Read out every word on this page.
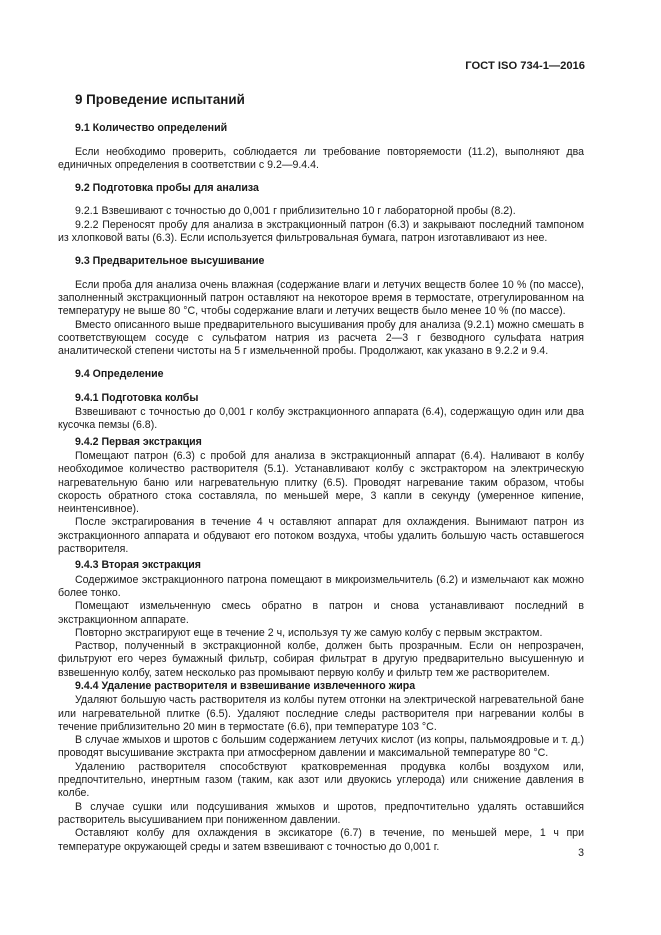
ГОСТ ISO 734-1—2016
9 Проведение испытаний
9.1 Количество определений

Если необходимо проверить, соблюдается ли требование повторяемости (11.2), выполняют два единичных определения в соответствии с 9.2—9.4.4.

9.2 Подготовка пробы для анализа

9.2.1 Взвешивают с точностью до 0,001 г приблизительно 10 г лабораторной пробы (8.2).

9.2.2 Переносят пробу для анализа в экстракционный патрон (6.3) и закрывают последний тампоном из хлопковой ваты (6.3). Если используется фильтровальная бумага, патрон изготавливают из нее.

9.3 Предварительное высушивание

Если проба для анализа очень влажная (содержание влаги и летучих веществ более 10 % (по массе), заполненный экстракционный патрон оставляют на некоторое время в термостате, отрегулированном на температуру не выше 80 °С, чтобы содержание влаги и летучих веществ было менее 10 % (по массе).

Вместо описанного выше предварительного высушивания пробу для анализа (9.2.1) можно смешать в соответствующем сосуде с сульфатом натрия из расчета 2—3 г безводного сульфата натрия аналитической степени чистоты на 5 г измельченной пробы. Продолжают, как указано в 9.2.2 и 9.4.

9.4 Определение
9.4.1 Подготовка колбы

Взвешивают с точностью до 0,001 г колбу экстракционного аппарата (6.4), содержащую один или два кусочка пемзы (6.8).

9.4.2 Первая экстракция

Помещают патрон (6.3) с пробой для анализа в экстракционный аппарат (6.4). Наливают в колбу необходимое количество растворителя (5.1). Устанавливают колбу с экстрактором на электрическую нагревательную баню или нагревательную плитку (6.5). Проводят нагревание таким образом, чтобы скорость обратного стока составляла, по меньшей мере, 3 капли в секунду (умеренное кипение, неинтенсивное).

После экстрагирования в течение 4 ч оставляют аппарат для охлаждения. Вынимают патрон из экстракционного аппарата и обдувают его потоком воздуха, чтобы удалить большую часть оставшегося растворителя.

9.4.3 Вторая экстракция

Содержимое экстракционного патрона помещают в микроизмельчитель (6.2) и измельчают как можно более тонко.

Помещают измельченную смесь обратно в патрон и снова устанавливают последний в экстракционном аппарате.

Повторно экстрагируют еще в течение 2 ч, используя ту же самую колбу с первым экстрактом.

Раствор, полученный в экстракционной колбе, должен быть прозрачным. Если он непрозрачен, фильтруют его через бумажный фильтр, собирая фильтрат в другую предварительно высушенную и взвешенную колбу, затем несколько раз промывают первую колбу и фильтр тем же растворителем.

9.4.4 Удаление растворителя и взвешивание извлеченного жира

Удаляют большую часть растворителя из колбы путем отгонки на электрической нагревательной бане или нагревательной плитке (6.5). Удаляют последние следы растворителя при нагревании колбы в течение приблизительно 20 мин в термостате (6.6), при температуре 103 °С.

В случае жмыхов и шротов с большим содержанием летучих кислот (из копры, пальмоядровые и т. д.) проводят высушивание экстракта при атмосферном давлении и максимальной температуре 80 °С.

Удалению растворителя способствуют кратковременная продувка колбы воздухом или, предпочтительно, инертным газом (таким, как азот или двуокись углерода) или снижение давления в колбе.

В случае сушки или подсушивания жмыхов и шротов, предпочтительно удалять оставшийся растворитель высушиванием при пониженном давлении.

Оставляют колбу для охлаждения в эксикаторе (6.7) в течение, по меньшей мере, 1 ч при температуре окружающей среды и затем взвешивают с точностью до 0,001 г.

3
